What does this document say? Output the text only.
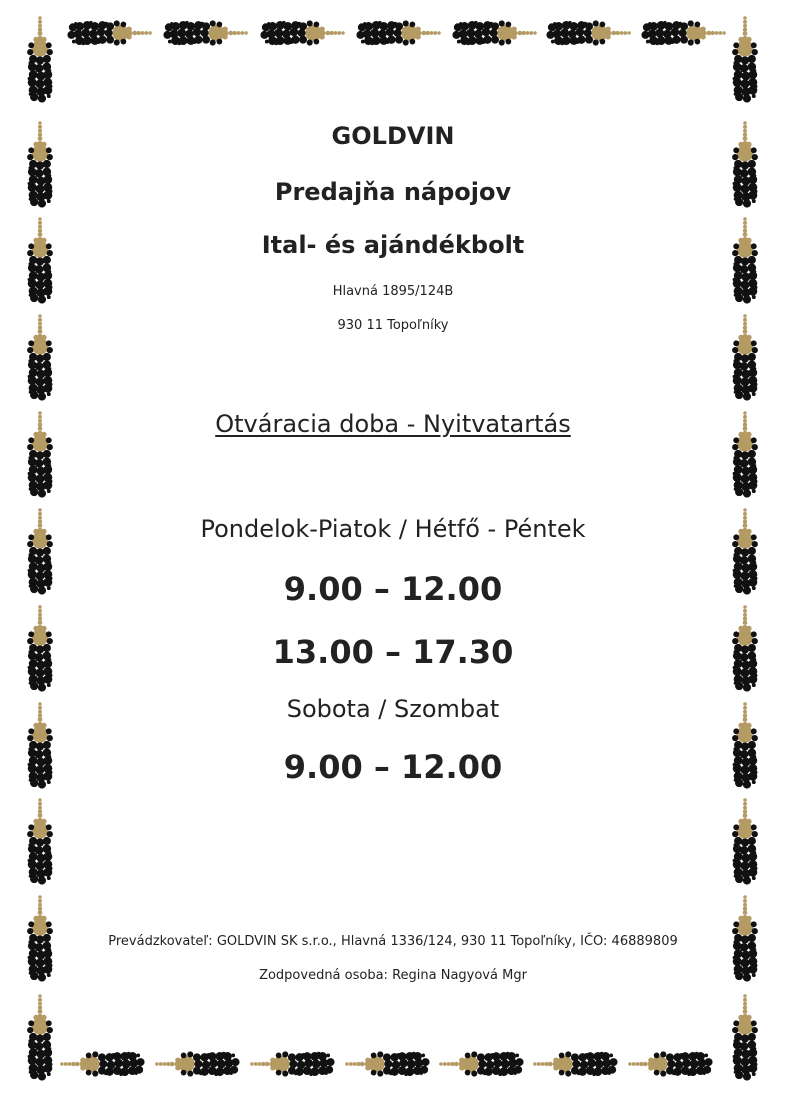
GOLDVIN
Predajňa nápojov
Ital- és ajándékbolt
Hlavná 1895/124B
930 11 Topoľníky
Otváracia doba - Nyitvatartás
Pondelok-Piatok / Hétfő - Péntek
9.00 – 12.00
13.00 – 17.30
Sobota / Szombat
9.00 – 12.00
Prevádzkovateľ: GOLDVIN SK s.r.o., Hlavná 1336/124, 930 11 Topoľníky, IČO: 46889809
Zodpovedná osoba: Regina Nagyová Mgr
